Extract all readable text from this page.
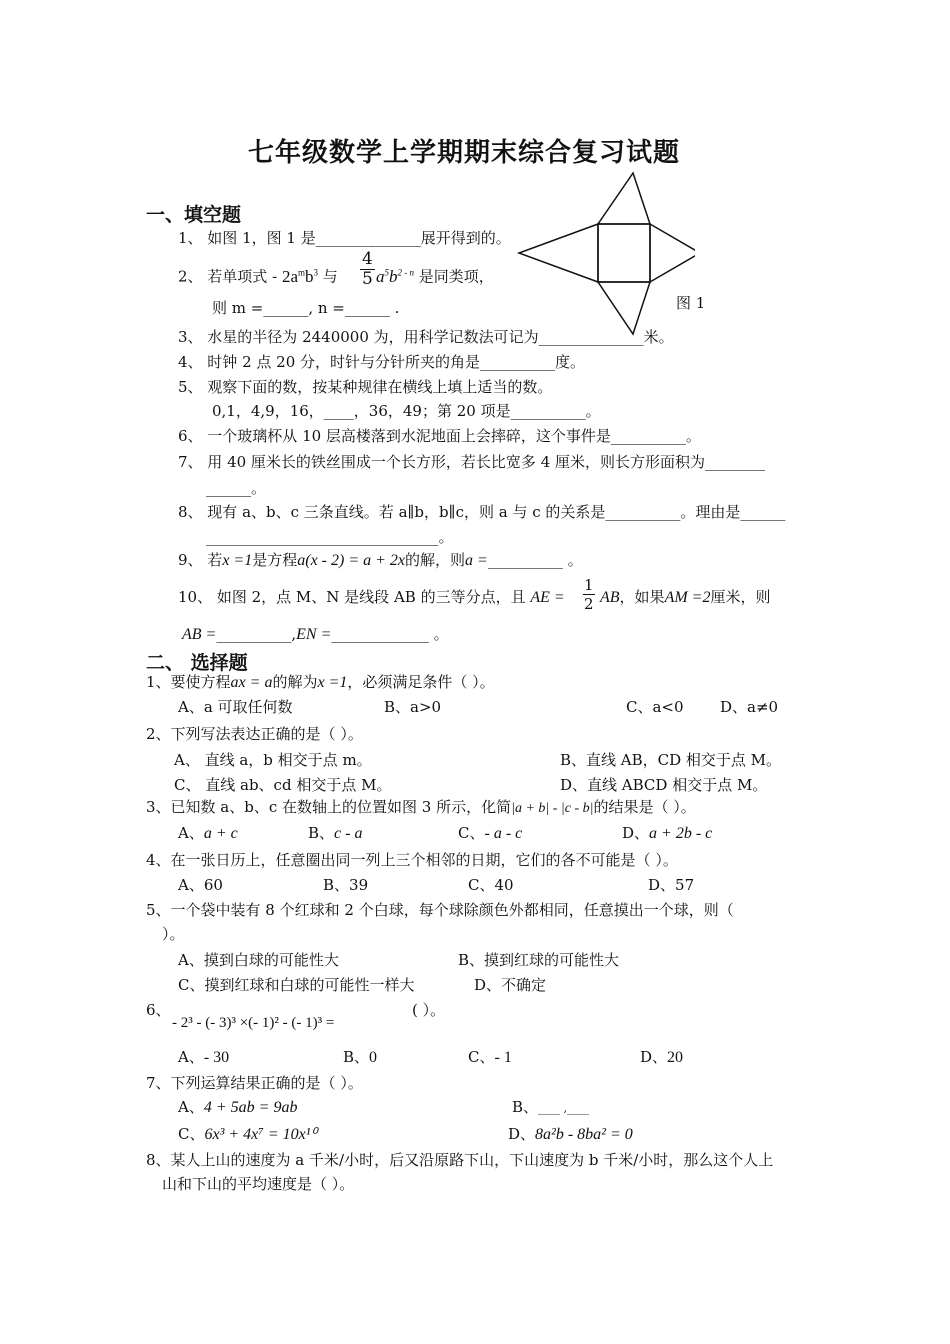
七年级数学上学期期末综合复习试题
图 1
一、填空题
1、 如图 1，图 1 是______________展开得到的。
2、 若单项式 - $2a^mb^3$ 与
4
5 $a^5b^{2 - n}$ 是同类项，
则 m =______, n =______ .
3、 水星的半径为 2440000 为，用科学记数法可记为______________米。
4、 时钟 2 点 20 分，时针与分针所夹的角是__________度。
5、 观察下面的数，按某种规律在横线上填上适当的数。
0,1，4,9，16，____，36，49；第 20 项是__________。
6、 一个玻璃杯从 10 层高楼落到水泥地面上会摔碎，这个事件是__________。
7、 用 40 厘米长的铁丝围成一个长方形，若长比宽多 4 厘米，则长方形面积为________
______。
8、 现有 a、b、c 三条直线。若 a∥b，b∥c，则 a 与 c 的关系是__________。理由是______
_______________________________。
9、 若x =1是方程a(x - 2) = a + 2x的解，则a =__________ 。
10、 如图 2，点 M、N 是线段 AB 的三等分点，且 AE =
1
2 AB，如果AM =2厘米，则
AB =__________,EN =_____________ 。
二、 选择题
1、要使方程ax = a的解为x =1，必须满足条件（ ）。
A、a 可取任何数	B、a>0	C、a<0 D、a≠0
2、下列写法表达正确的是（ ）。
A、 直线 a，b 相交于点 m。	B、直线 AB，CD 相交于点 M。
C、 直线 ab、cd 相交于点 M。	D、直线 ABCD 相交于点 M。
3、已知数 a、b、c 在数轴上的位置如图 3 所示，化简|a + b| - |c - b|的结果是（ ）。
A、a + c	B、c - a	C、- a - c	D、a + 2b - c
4、在一张日历上，任意圈出同一列上三个相邻的日期，它们的各不可能是（ ）。
A、60	B、39	C、40	D、57
5、一个袋中装有 8 个红球和 2 个白球，每个球除颜色外都相同，任意摸出一个球，则（
）。
A、摸到白球的可能性大	B、摸到红球的可能性大
C、摸到红球和白球的可能性一样大	D、不确定
6、
- 2³ - (- 3)³ ×(- 1)² - (- 1)³ =
( ）。
A、- 30	B、0	C、- 1	D、20
7、下列运算结果正确的是（ ）。
A、4 + 5ab = 9ab	B、____ ,____
C、6x³ + 4x⁷ = 10x¹⁰	D、8a²b - 8ba² = 0
8、某人上山的速度为 a 千米/小时，后又沿原路下山，下山速度为 b 千米/小时，那么这个人上
山和下山的平均速度是（ ）。
